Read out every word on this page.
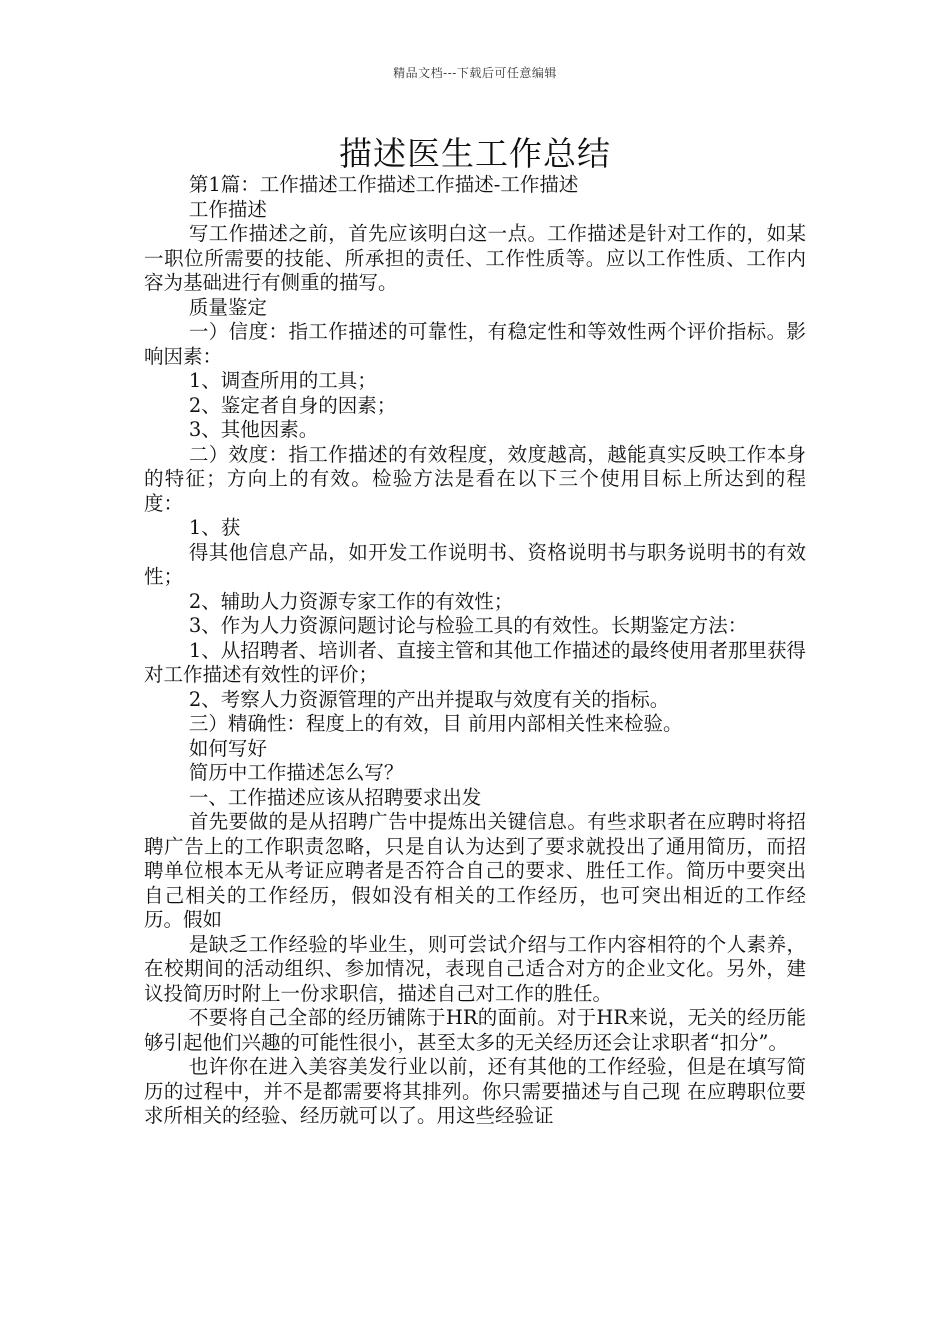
精品文档---下载后可任意编辑
描述医生工作总结

第1篇：工作描述工作描述工作描述-工作描述

工作描述

写工作描述之前，首先应该明白这一点。工作描述是针对工作的，如某一职位所需要的技能、所承担的责任、工作性质等。应以工作性质、工作内容为基础进行有侧重的描写。

质量鉴定

一）信度：指工作描述的可靠性，有稳定性和等效性两个评价指标。影响因素：

1、调查所用的工具；

2、鉴定者自身的因素；

3、其他因素。

二）效度：指工作描述的有效程度，效度越高，越能真实反映工作本身的特征；方向上的有效。检验方法是看在以下三个使用目标上所达到的程度：

1、获

得其他信息产品，如开发工作说明书、资格说明书与职务说明书的有效性；

2、辅助人力资源专家工作的有效性；

3、作为人力资源问题讨论与检验工具的有效性。长期鉴定方法：

1、从招聘者、培训者、直接主管和其他工作描述的最终使用者那里获得对工作描述有效性的评价；

2、考察人力资源管理的产出并提取与效度有关的指标。

三）精确性：程度上的有效，目 前用内部相关性来检验。

如何写好

简历中工作描述怎么写？

一、工作描述应该从招聘要求出发

首先要做的是从招聘广告中提炼出关键信息。有些求职者在应聘时将招聘广告上的工作职责忽略，只是自认为达到了要求就投出了通用简历，而招聘单位根本无从考证应聘者是否符合自己的要求、胜任工作。简历中要突出自己相关的工作经历，假如没有相关的工作经历，也可突出相近的工作经历。假如

是缺乏工作经验的毕业生，则可尝试介绍与工作内容相符的个人素养，在校期间的活动组织、参加情况，表现自己适合对方的企业文化。另外，建议投简历时附上一份求职信，描述自己对工作的胜任。

不要将自己全部的经历铺陈于HR的面前。对于HR来说，无关的经历能够引起他们兴趣的可能性很小，甚至太多的无关经历还会让求职者“扣分”。

也许你在进入美容美发行业以前，还有其他的工作经验，但是在填写简历的过程中，并不是都需要将其排列。你只需要描述与自己现 在应聘职位要求所相关的经验、经历就可以了。用这些经验证
